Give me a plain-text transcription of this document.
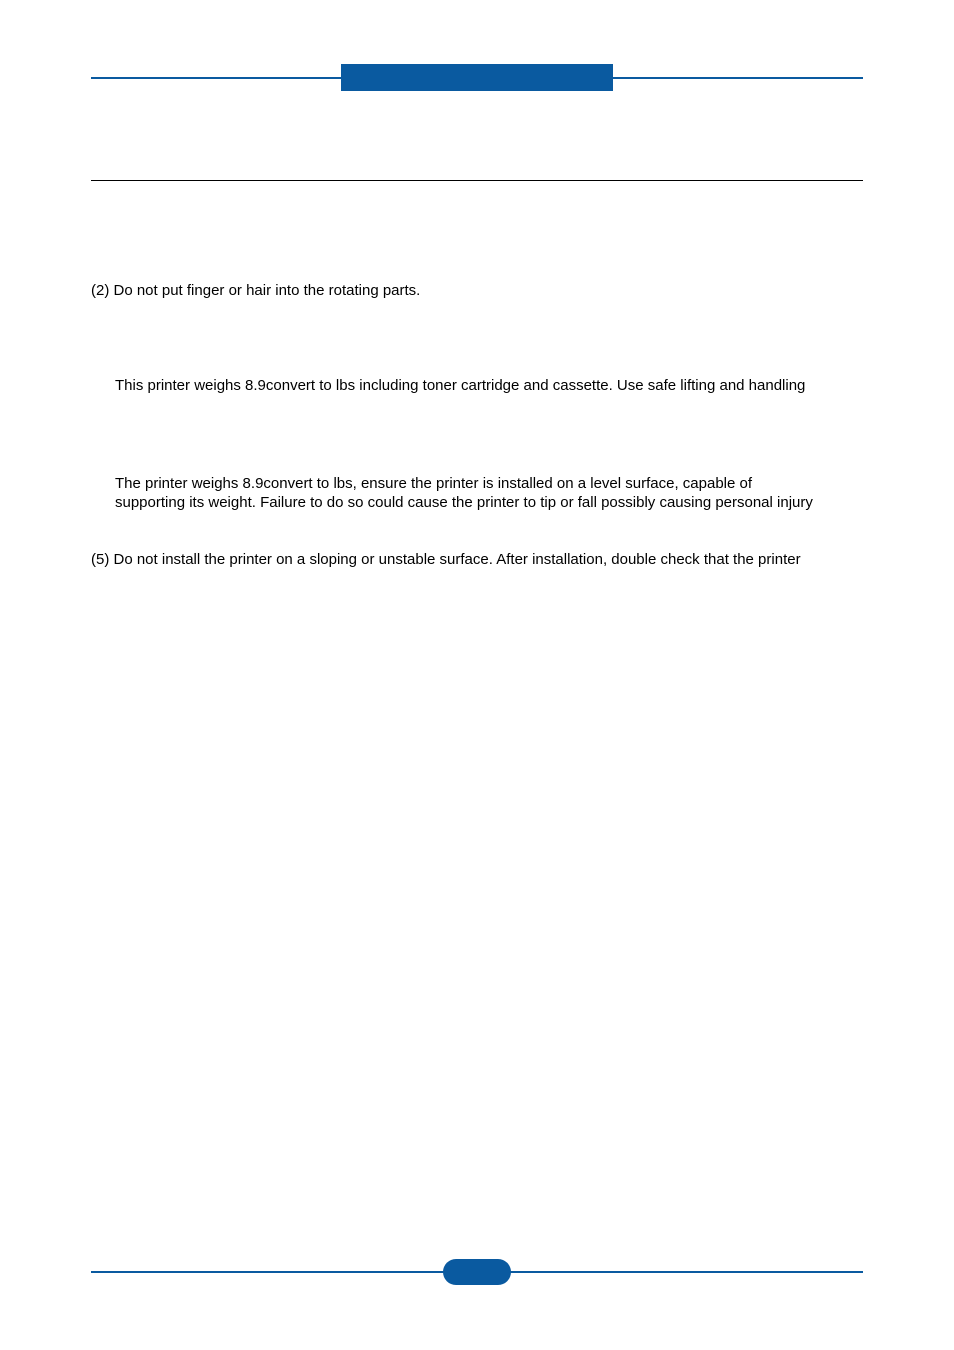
(2) Do not put finger or hair into the rotating parts.

This printer weighs 8.9convert to lbs including toner cartridge and cassette. Use safe lifting and handling

The printer weighs 8.9convert to lbs, ensure the printer is installed on a level surface, capable of
supporting its weight. Failure to do so could cause the printer to tip or fall possibly causing personal injury

(5) Do not install the printer on a sloping or unstable surface. After installation, double check that the printer
